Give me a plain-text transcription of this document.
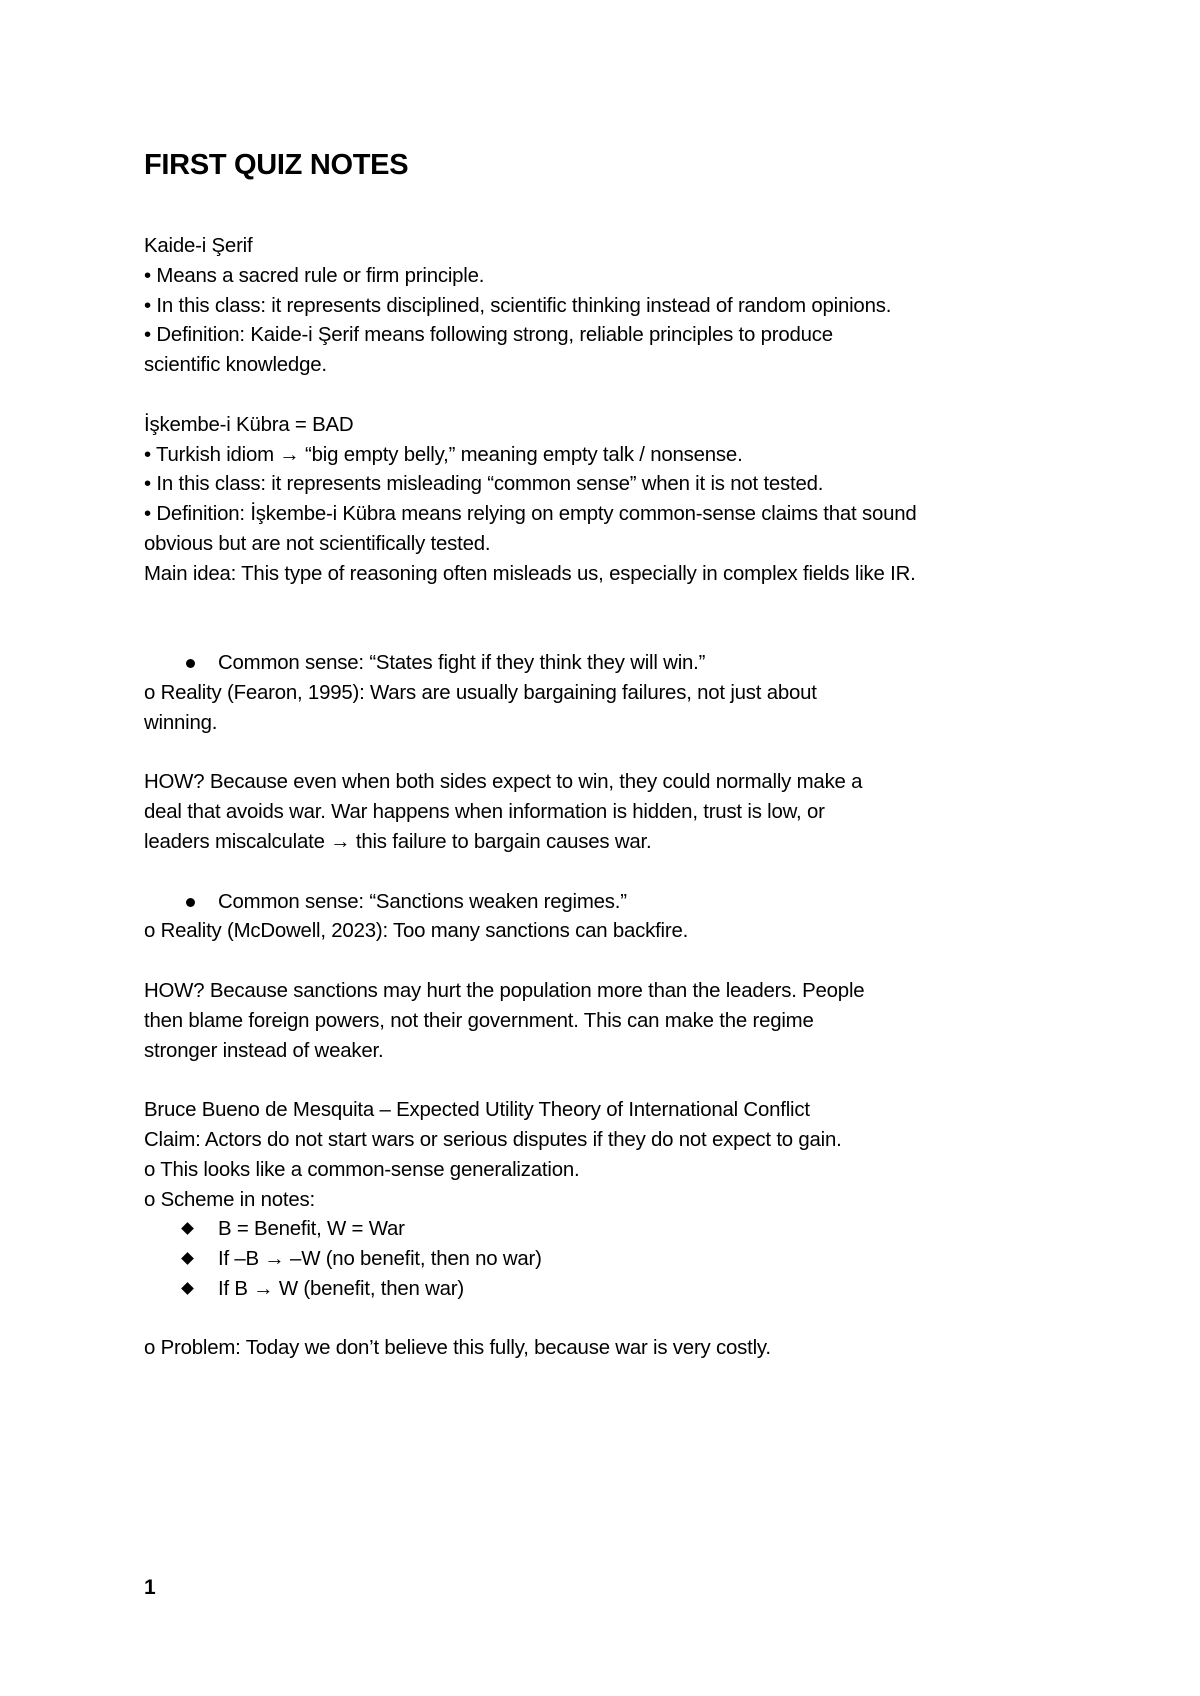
FIRST QUIZ NOTES
Kaide-i Şerif
• Means a sacred rule or firm principle.
• In this class: it represents disciplined, scientific thinking instead of random opinions.
• Definition: Kaide-i Şerif means following strong, reliable principles to produce
scientific knowledge.
İşkembe-i Kübra = BAD
• Turkish idiom → “big empty belly,” meaning empty talk / nonsense.
• In this class: it represents misleading “common sense” when it is not tested.
• Definition: İşkembe-i Kübra means relying on empty common-sense claims that sound
obvious but are not scientifically tested.
Main idea: This type of reasoning often misleads us, especially in complex fields like IR.
Common sense: “States fight if they think they will win.”
o Reality (Fearon, 1995): Wars are usually bargaining failures, not just about
winning.
HOW? Because even when both sides expect to win, they could normally make a
deal that avoids war. War happens when information is hidden, trust is low, or
leaders miscalculate → this failure to bargain causes war.
Common sense: “Sanctions weaken regimes.”
o Reality (McDowell, 2023): Too many sanctions can backfire.
HOW? Because sanctions may hurt the population more than the leaders. People
then blame foreign powers, not their government. This can make the regime
stronger instead of weaker.
Bruce Bueno de Mesquita – Expected Utility Theory of International Conflict
Claim: Actors do not start wars or serious disputes if they do not expect to gain.
o This looks like a common-sense generalization.
o Scheme in notes:
B = Benefit, W = War
If –B → –W (no benefit, then no war)
If B → W (benefit, then war)
o Problem: Today we don’t believe this fully, because war is very costly.
1
